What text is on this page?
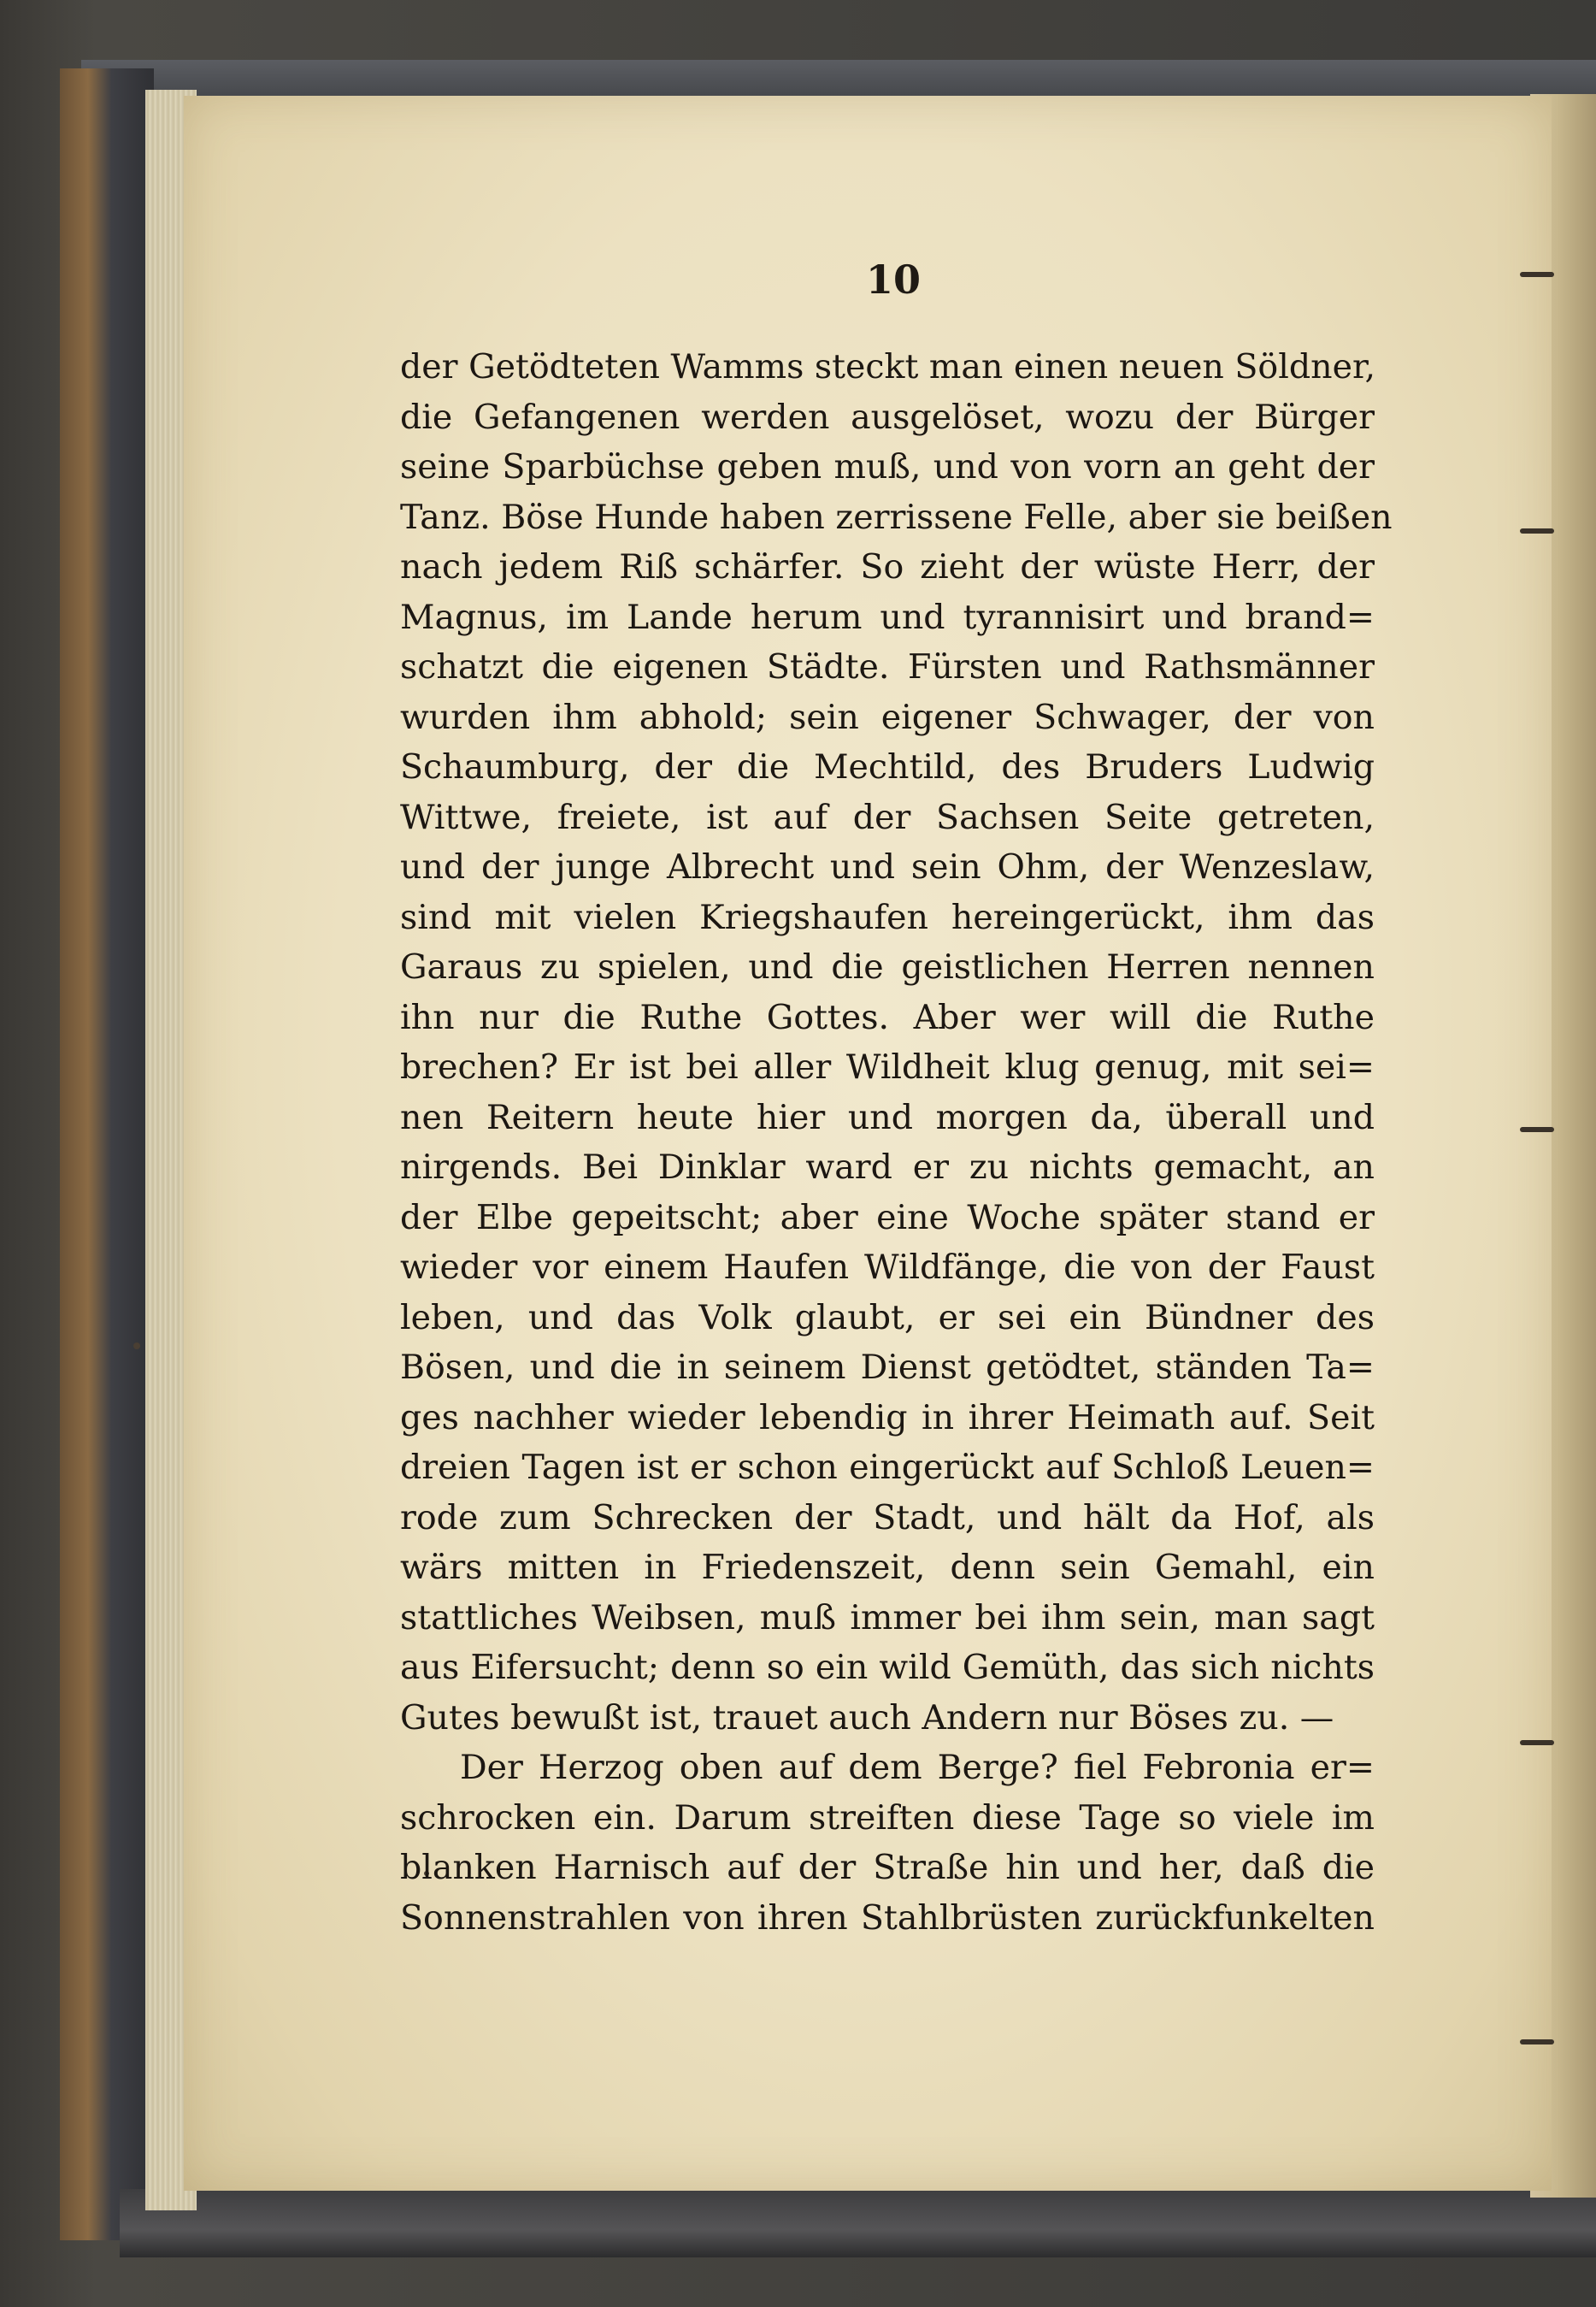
10
der Getödteten Wamms steckt man einen neuen Söldner,
die Gefangenen werden ausgelöset, wozu der Bürger
seine Sparbüchse geben muß, und von vorn an geht der
Tanz. Böse Hunde haben zerrissene Felle, aber sie beißen
nach jedem Riß schärfer. So zieht der wüste Herr, der
Magnus, im Lande herum und tyrannisirt und brand=
schatzt die eigenen Städte. Fürsten und Rathsmänner
wurden ihm abhold; sein eigener Schwager, der von
Schaumburg, der die Mechtild, des Bruders Ludwig
Wittwe, freiete, ist auf der Sachsen Seite getreten,
und der junge Albrecht und sein Ohm, der Wenzeslaw,
sind mit vielen Kriegshaufen hereingerückt, ihm das
Garaus zu spielen, und die geistlichen Herren nennen
ihn nur die Ruthe Gottes. Aber wer will die Ruthe
brechen? Er ist bei aller Wildheit klug genug, mit sei=
nen Reitern heute hier und morgen da, überall und
nirgends. Bei Dinklar ward er zu nichts gemacht, an
der Elbe gepeitscht; aber eine Woche später stand er
wieder vor einem Haufen Wildfänge, die von der Faust
leben, und das Volk glaubt, er sei ein Bündner des
Bösen, und die in seinem Dienst getödtet, ständen Ta=
ges nachher wieder lebendig in ihrer Heimath auf. Seit
dreien Tagen ist er schon eingerückt auf Schloß Leuen=
rode zum Schrecken der Stadt, und hält da Hof, als
wärs mitten in Friedenszeit, denn sein Gemahl, ein
stattliches Weibsen, muß immer bei ihm sein, man sagt
aus Eifersucht; denn so ein wild Gemüth, das sich nichts
Gutes bewußt ist, trauet auch Andern nur Böses zu. —
Der Herzog oben auf dem Berge? fiel Febronia er=
schrocken ein. Darum streiften diese Tage so viele im
blanken Harnisch auf der Straße hin und her, daß die
Sonnenstrahlen von ihren Stahlbrüsten zurückfunkelten
